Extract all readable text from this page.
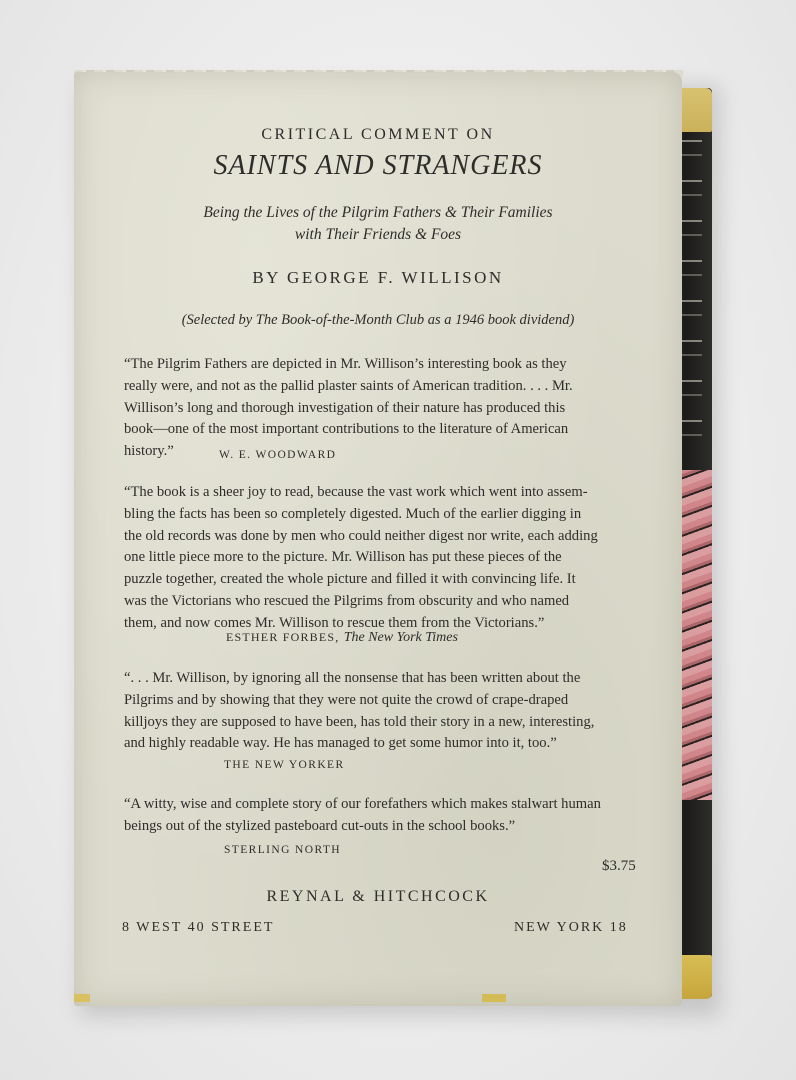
CRITICAL COMMENT ON
SAINTS AND STRANGERS
Being the Lives of the Pilgrim Fathers & Their Families
with Their Friends & Foes
BY GEORGE F. WILLISON
(Selected by The Book-of-the-Month Club as a 1946 book dividend)
“The Pilgrim Fathers are depicted in Mr. Willison’s interesting book as they
really were, and not as the pallid plaster saints of American tradition. . . . Mr.
Willison’s long and thorough investigation of their nature has produced this
book—one of the most important contributions to the literature of American
history.”	W. E. WOODWARD
“The book is a sheer joy to read, because the vast work which went into assem-
bling the facts has been so completely digested. Much of the earlier digging in
the old records was done by men who could neither digest nor write, each adding
one little piece more to the picture. Mr. Willison has put these pieces of the
puzzle together, created the whole picture and filled it with convincing life. It
was the Victorians who rescued the Pilgrims from obscurity and who named
them, and now comes Mr. Willison to rescue them from the Victorians.”
ESTHER FORBES, The New York Times
“. . . Mr. Willison, by ignoring all the nonsense that has been written about the
Pilgrims and by showing that they were not quite the crowd of crape-draped
killjoys they are supposed to have been, has told their story in a new, interesting,
and highly readable way. He has managed to get some humor into it, too.”
THE NEW YORKER
“A witty, wise and complete story of our forefathers which makes stalwart human
beings out of the stylized pasteboard cut-outs in the school books.”
STERLING NORTH
$3.75
REYNAL & HITCHCOCK
8 WEST 40 STREET	NEW YORK 18
